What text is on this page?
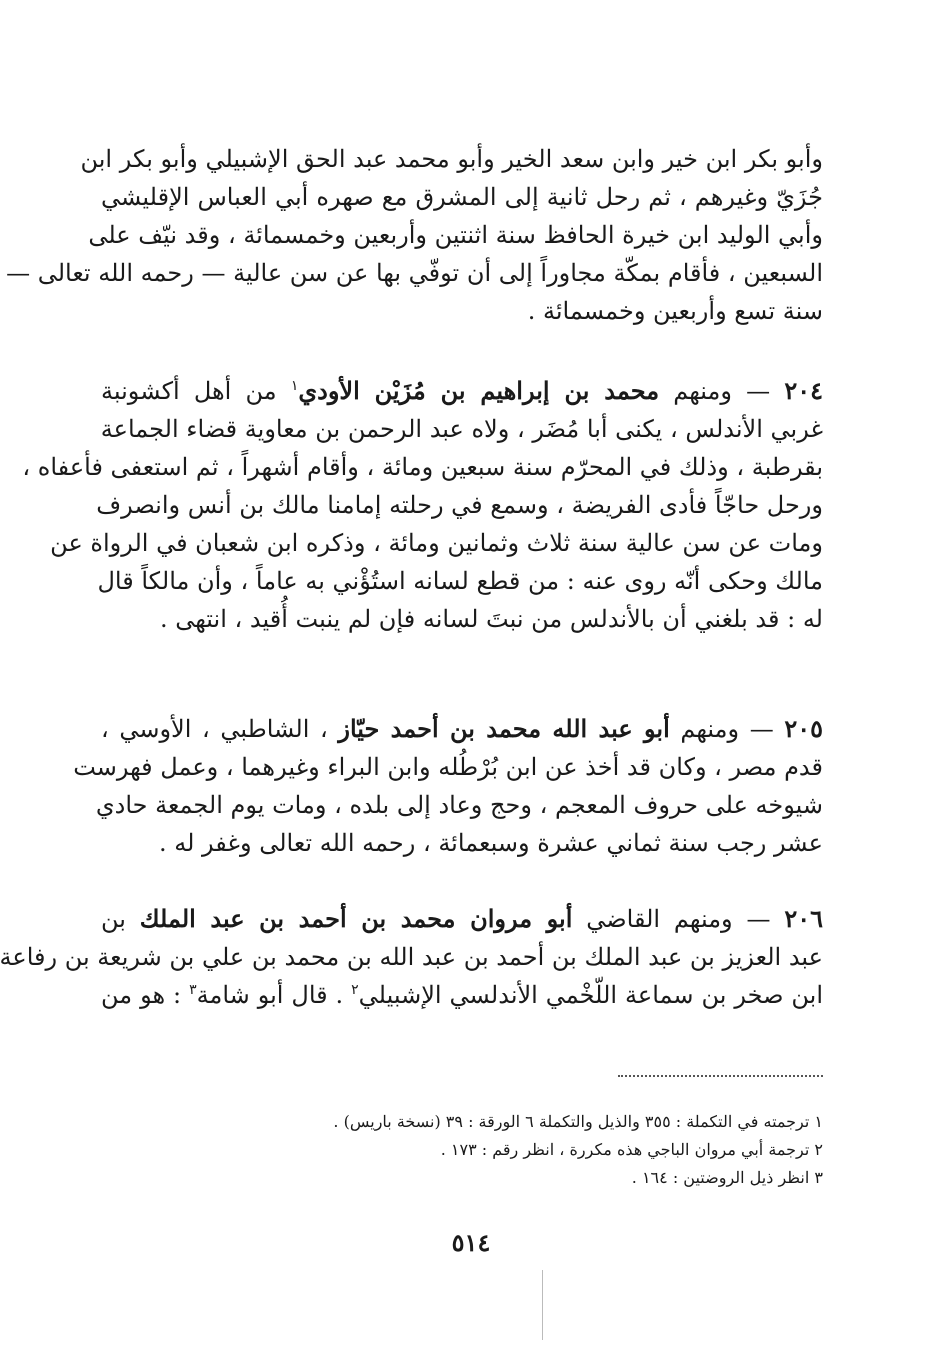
وأبو بكر ابن خير وابن سعد الخير وأبو محمد عبد الحق الإشبيلي وأبو بكر ابن
جُزَيّ وغيرهم ، ثم رحل ثانية إلى المشرق مع صهره أبي العباس الإقليشي
وأبي الوليد ابن خيرة الحافظ سنة اثنتين وأربعين وخمسمائة ، وقد نيّف على
السبعين ، فأقام بمكّة مجاوراً إلى أن توفّي بها عن سن عالية — رحمه الله تعالى —
سنة تسع وأربعين وخمسمائة .
٢٠٤ — ومنهم محمد بن إبراهيم بن مُزَيْن الأودي$^١$ من أهل أكشونبة
غربي الأندلس ، يكنى أبا مُضَر ، ولاه عبد الرحمن بن معاوية قضاء الجماعة
بقرطبة ، وذلك في المحرّم سنة سبعين ومائة ، وأقام أشهراً ، ثم استعفى فأعفاه ،
ورحل حاجّاً فأدى الفريضة ، وسمع في رحلته إمامنا مالك بن أنس وانصرف
ومات عن سن عالية سنة ثلاث وثمانين ومائة ، وذكره ابن شعبان في الرواة عن
مالك وحكى أنّه روى عنه : من قطع لسانه استُؤْني به عاماً ، وأن مالكاً قال
له : قد بلغني أن بالأندلس من نبتَ لسانه فإن لم ينبت أُقيد ، انتهى .
٢٠٥ — ومنهم أبو عبد الله محمد بن أحمد حيّاز ، الشاطبي ، الأوسي ،
قدم مصر ، وكان قد أخذ عن ابن بُرْطُله وابن البراء وغيرهما ، وعمل فهرست
شيوخه على حروف المعجم ، وحج وعاد إلى بلده ، ومات يوم الجمعة حادي
عشر رجب سنة ثماني عشرة وسبعمائة ، رحمه الله تعالى وغفر له .
٢٠٦ — ومنهم القاضي أبو مروان محمد بن أحمد بن عبد الملك بن
عبد العزيز بن عبد الملك بن أحمد بن عبد الله بن محمد بن علي بن شريعة بن رفاعة
ابن صخر بن سماعة اللّخْمي الأندلسي الإشبيلي$^٢$ . قال أبو شامة$^٣$ : هو من
١ ترجمته في التكملة : ٣٥٥ والذيل والتكملة ٦ الورقة : ٣٩ (نسخة باريس) .
٢ ترجمة أبي مروان الباجي هذه مكررة ، انظر رقم : ١٧٣ .
٣ انظر ذيل الروضتين : ١٦٤ .
٥١٤
